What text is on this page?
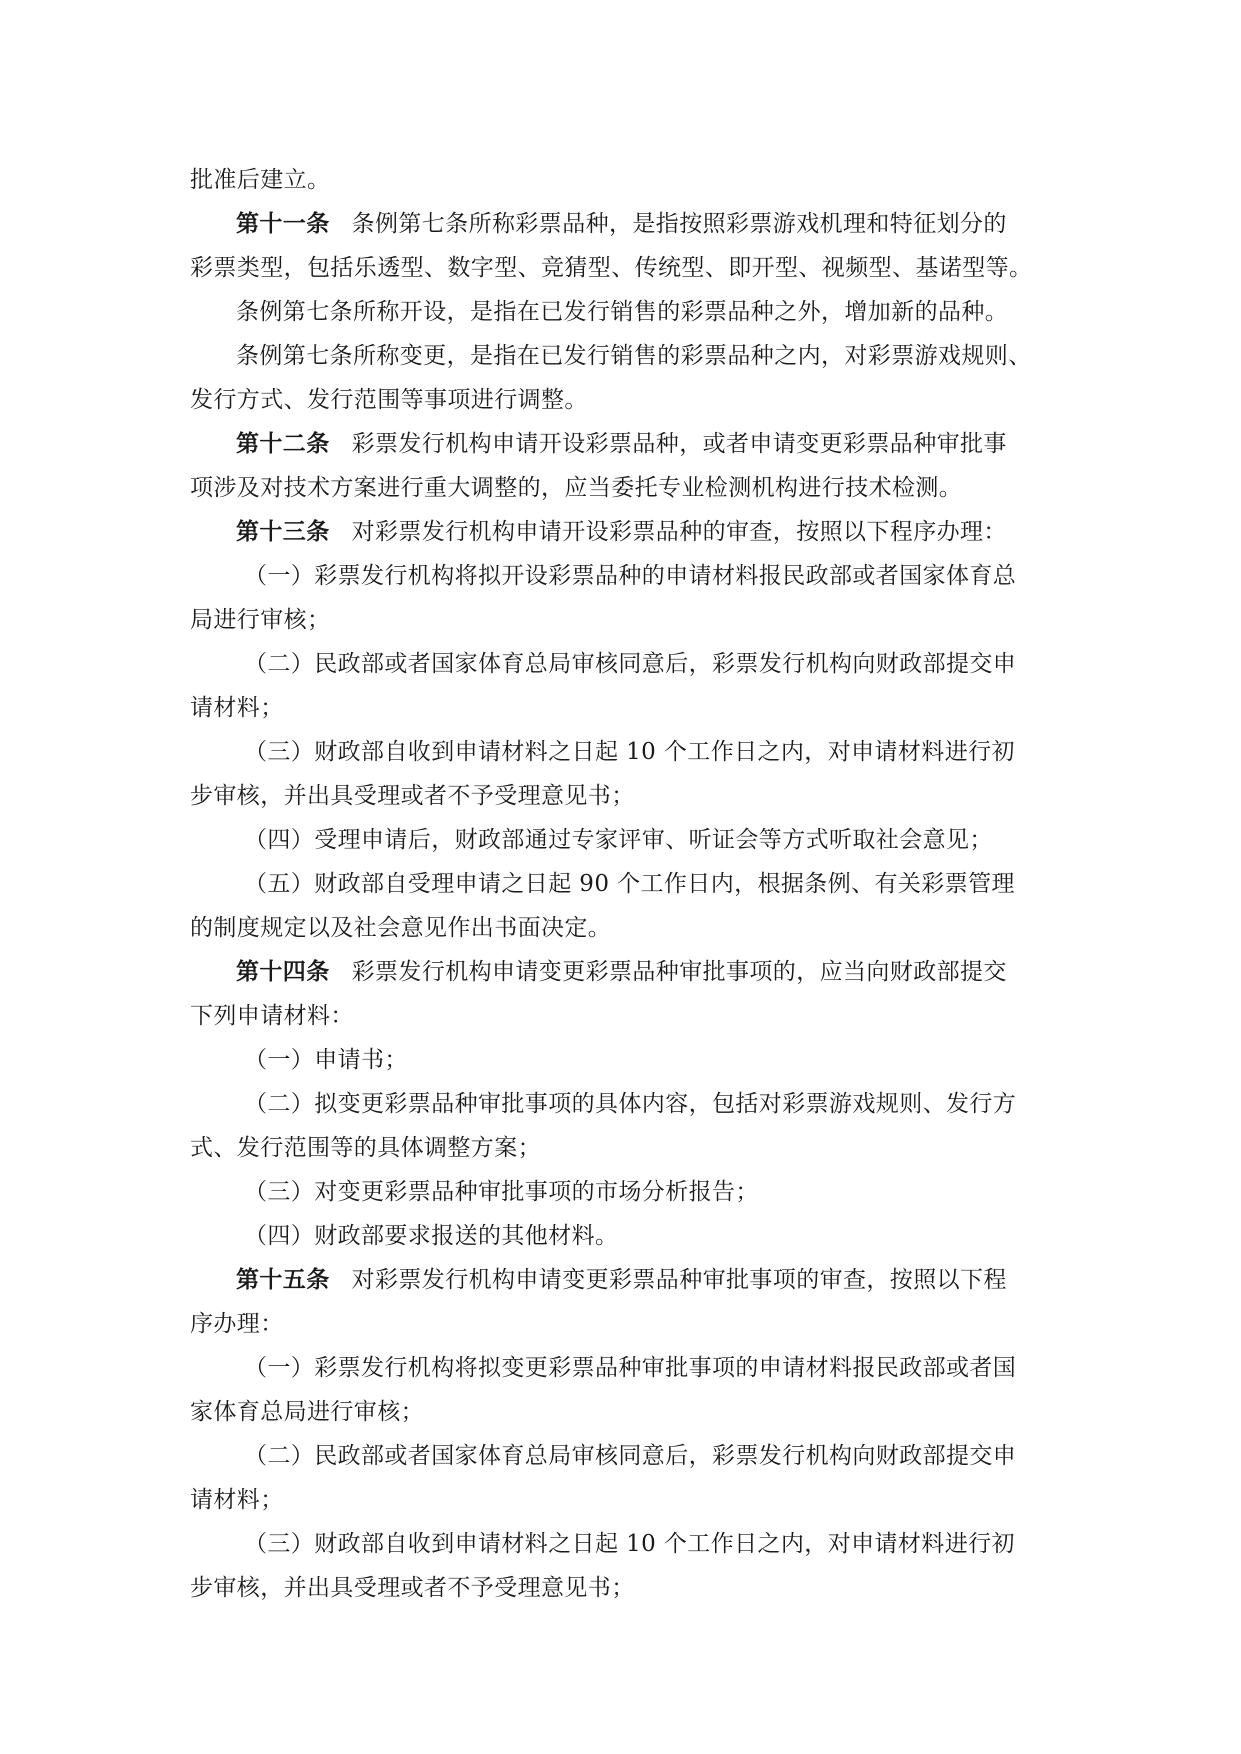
批准后建立。
第十一条 条例第七条所称彩票品种，是指按照彩票游戏机理和特征划分的
彩票类型，包括乐透型、数字型、竞猜型、传统型、即开型、视频型、基诺型等。
条例第七条所称开设，是指在已发行销售的彩票品种之外，增加新的品种。
条例第七条所称变更，是指在已发行销售的彩票品种之内，对彩票游戏规则、
发行方式、发行范围等事项进行调整。
第十二条 彩票发行机构申请开设彩票品种，或者申请变更彩票品种审批事
项涉及对技术方案进行重大调整的，应当委托专业检测机构进行技术检测。
第十三条 对彩票发行机构申请开设彩票品种的审查，按照以下程序办理：
（一）彩票发行机构将拟开设彩票品种的申请材料报民政部或者国家体育总
局进行审核；
（二）民政部或者国家体育总局审核同意后，彩票发行机构向财政部提交申
请材料；
（三）财政部自收到申请材料之日起 10 个工作日之内，对申请材料进行初
步审核，并出具受理或者不予受理意见书；
（四）受理申请后，财政部通过专家评审、听证会等方式听取社会意见；
（五）财政部自受理申请之日起 90 个工作日内，根据条例、有关彩票管理
的制度规定以及社会意见作出书面决定。
第十四条 彩票发行机构申请变更彩票品种审批事项的，应当向财政部提交
下列申请材料：
（一）申请书；
（二）拟变更彩票品种审批事项的具体内容，包括对彩票游戏规则、发行方
式、发行范围等的具体调整方案；
（三）对变更彩票品种审批事项的市场分析报告；
（四）财政部要求报送的其他材料。
第十五条 对彩票发行机构申请变更彩票品种审批事项的审查，按照以下程
序办理：
（一）彩票发行机构将拟变更彩票品种审批事项的申请材料报民政部或者国
家体育总局进行审核；
（二）民政部或者国家体育总局审核同意后，彩票发行机构向财政部提交申
请材料；
（三）财政部自收到申请材料之日起 10 个工作日之内，对申请材料进行初
步审核，并出具受理或者不予受理意见书；
